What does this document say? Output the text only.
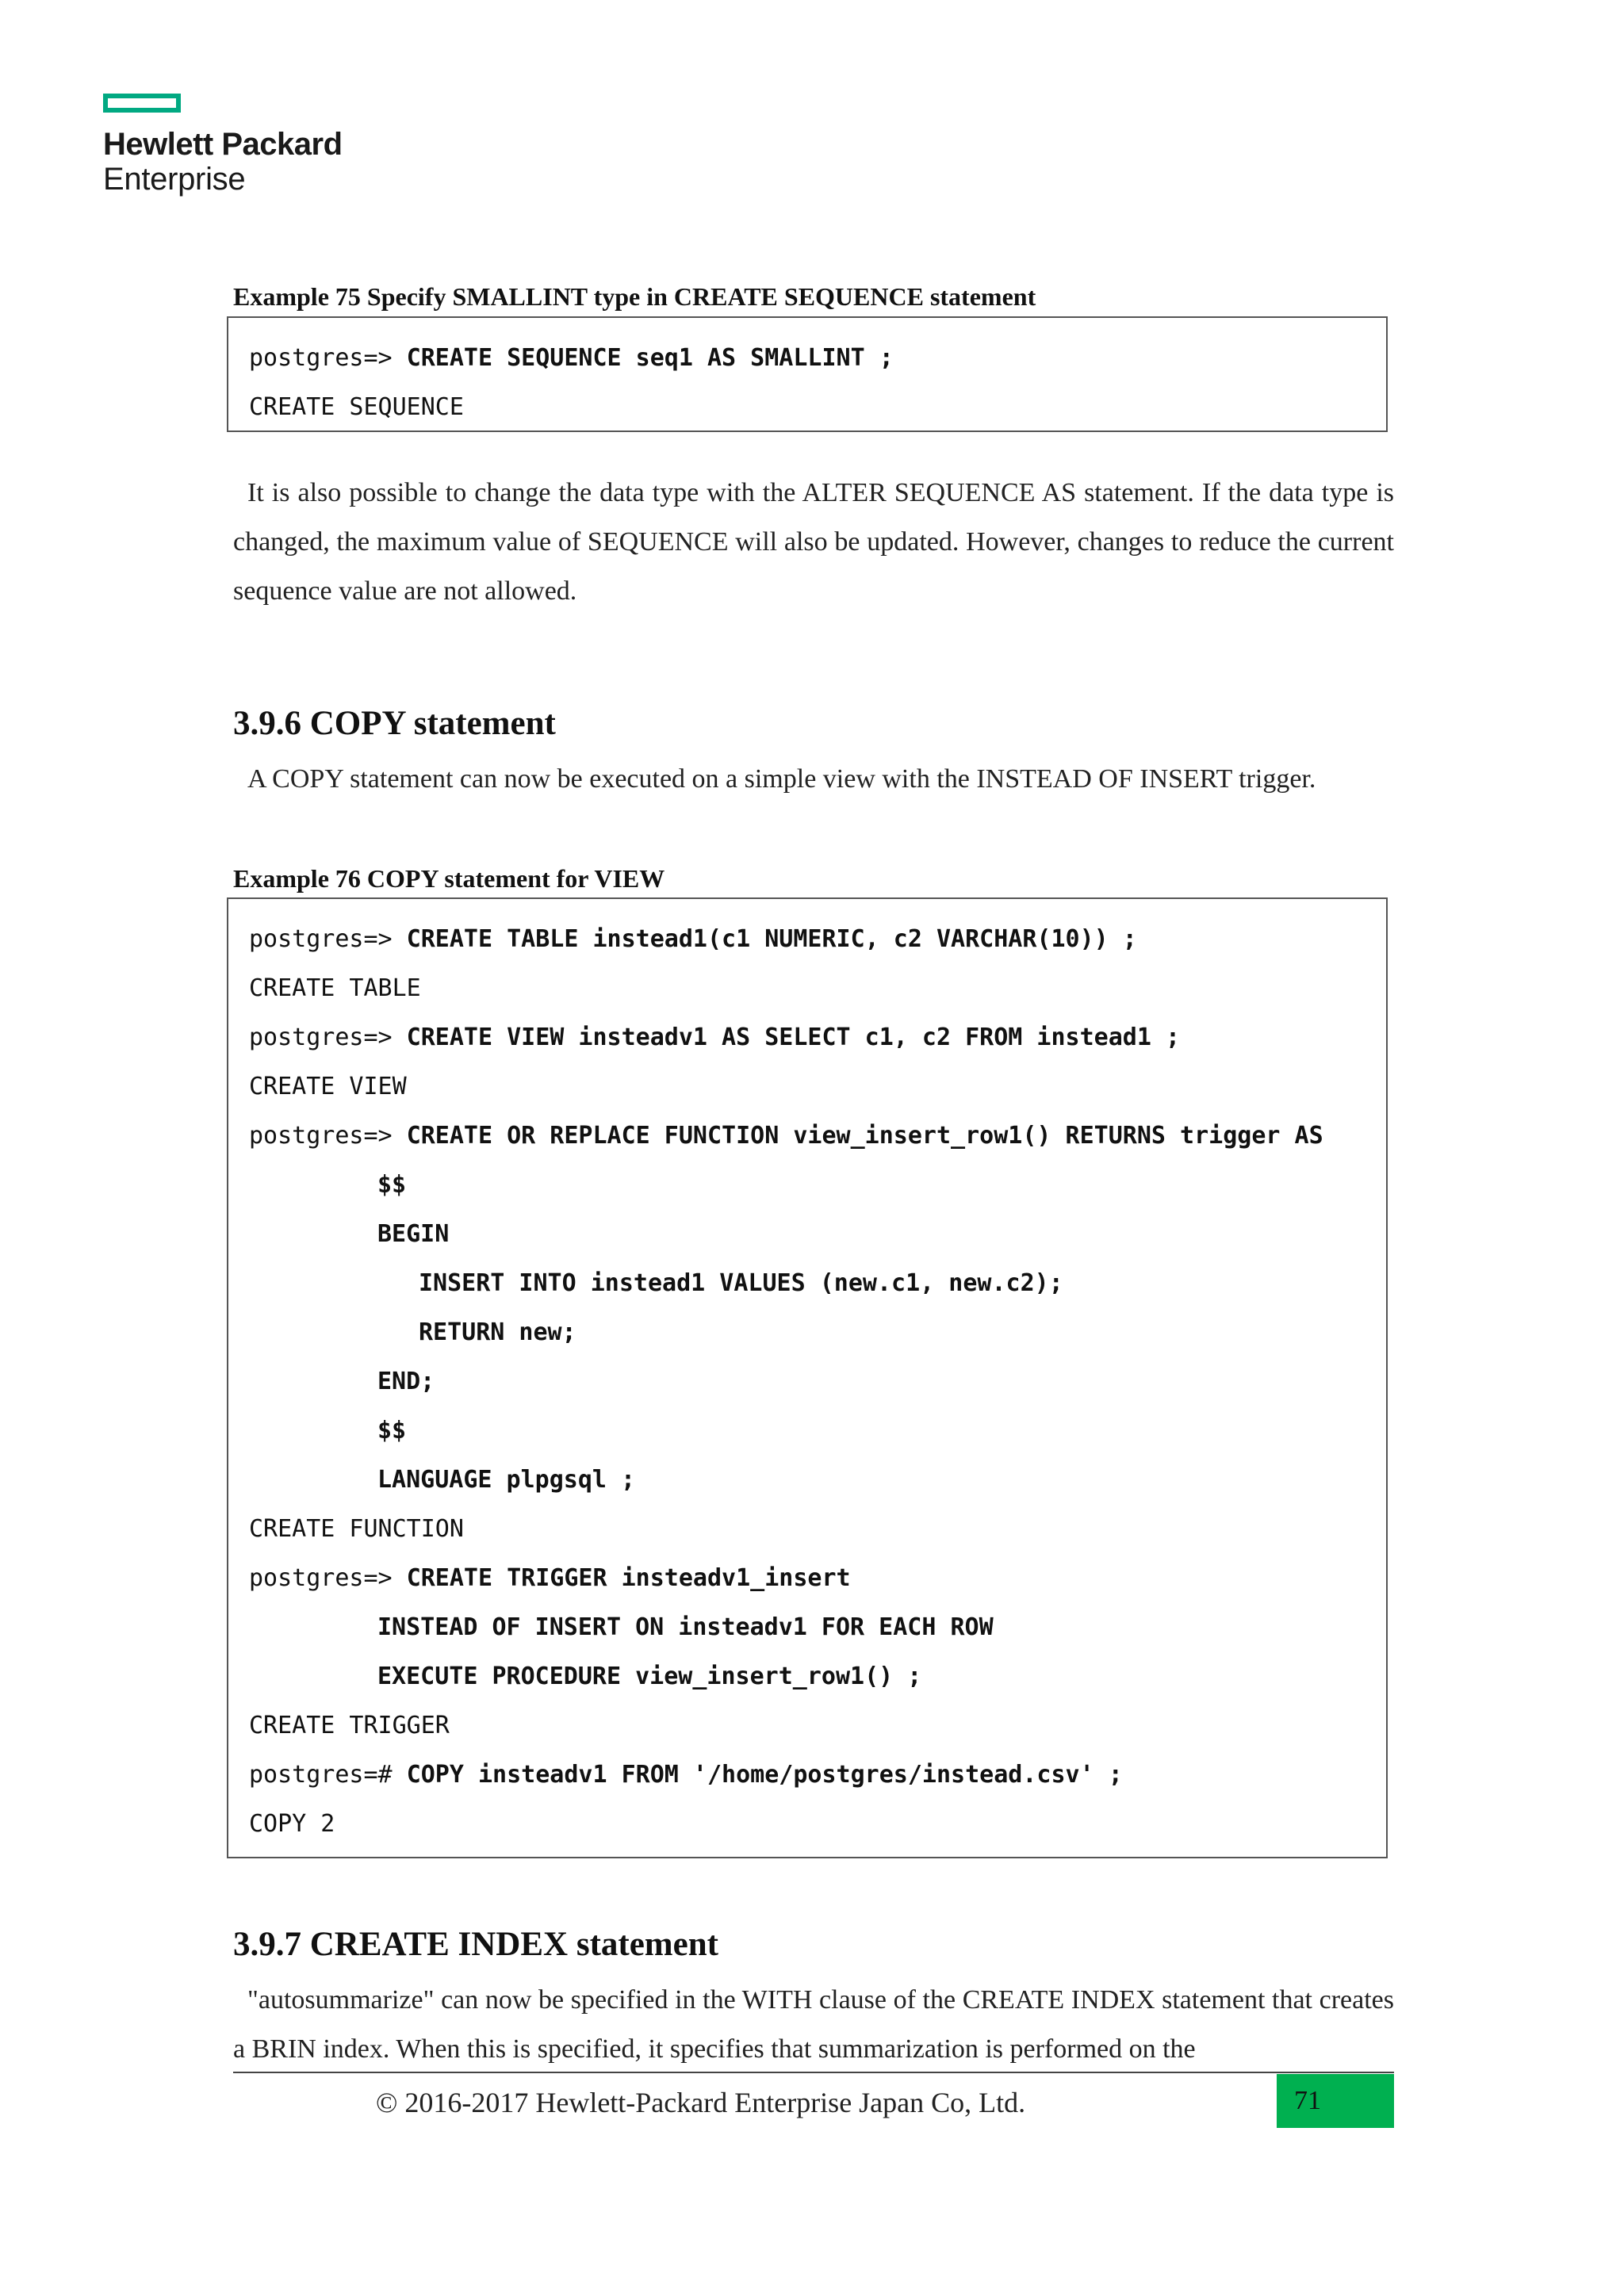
Hewlett Packard
Enterprise
Example 75 Specify SMALLINT type in CREATE SEQUENCE statement
postgres=> CREATE SEQUENCE seq1 AS SMALLINT ;
CREATE SEQUENCE
It is also possible to change the data type with the ALTER SEQUENCE AS statement. If the data type is changed, the maximum value of SEQUENCE will also be updated. However, changes to reduce the current sequence value are not allowed.
3.9.6 COPY statement
A COPY statement can now be executed on a simple view with the INSTEAD OF INSERT trigger.
Example 76 COPY statement for VIEW
postgres=> CREATE TABLE instead1(c1 NUMERIC, c2 VARCHAR(10)) ;
CREATE TABLE
postgres=> CREATE VIEW insteadv1 AS SELECT c1, c2 FROM instead1 ;
CREATE VIEW
postgres=> CREATE OR REPLACE FUNCTION view_insert_row1() RETURNS trigger AS
$$
BEGIN
INSERT INTO instead1 VALUES (new.c1, new.c2);
RETURN new;
END;
$$
LANGUAGE plpgsql ;
CREATE FUNCTION
postgres=> CREATE TRIGGER insteadv1_insert
INSTEAD OF INSERT ON insteadv1 FOR EACH ROW
EXECUTE PROCEDURE view_insert_row1() ;
CREATE TRIGGER
postgres=# COPY insteadv1 FROM '/home/postgres/instead.csv' ;
COPY 2
3.9.7 CREATE INDEX statement
"autosummarize" can now be specified in the WITH clause of the CREATE INDEX statement that creates a BRIN index. When this is specified, it specifies that summarization is performed on the
© 2016-2017 Hewlett-Packard Enterprise Japan Co, Ltd.	71
